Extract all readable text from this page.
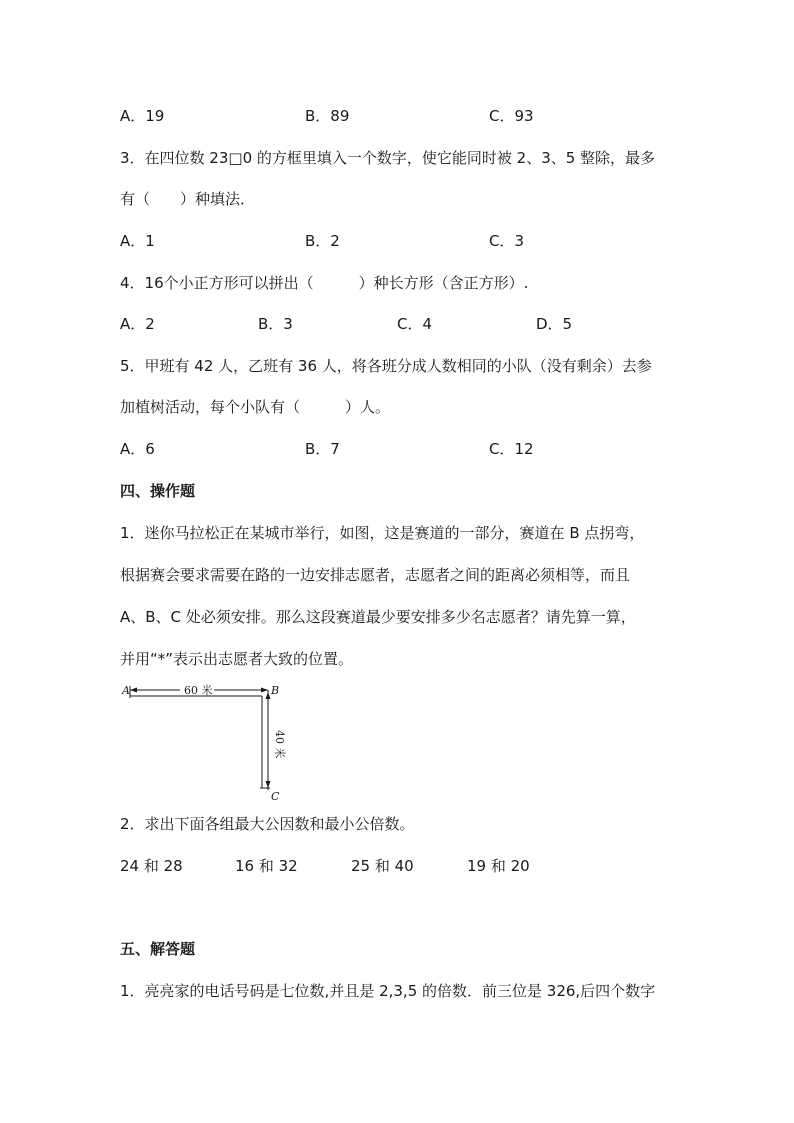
A．19	B．89	C．93
3．在四位数 23□0 的方框里填入一个数字，使它能同时被 2、3、5 整除，最多
有（　　）种填法．
A．1	B．2	C．3
4．16个小正方形可以拼出（　　　）种长方形（含正方形）.
A．2	B．3	C．4	D．5
5．甲班有 42 人，乙班有 36 人，将各班分成人数相同的小队（没有剩余）去参
加植树活动，每个小队有（　　　）人。
A．6	B．7	C．12
四、操作题
1．迷你马拉松正在某城市举行，如图，这是赛道的一部分，赛道在 B 点拐弯，
根据赛会要求需要在路的一边安排志愿者，志愿者之间的距离必须相等，而且
A、B、C 处必须安排。那么这段赛道最少要安排多少名志愿者？请先算一算，
并用“*”表示出志愿者大致的位置。
A	B
C
60 米
40 米
2．求出下面各组最大公因数和最小公倍数。
24 和 28	16 和 32	25 和 40	19 和 20
五、解答题
1．亮亮家的电话号码是七位数,并且是 2,3,5 的倍数．前三位是 326,后四个数字
